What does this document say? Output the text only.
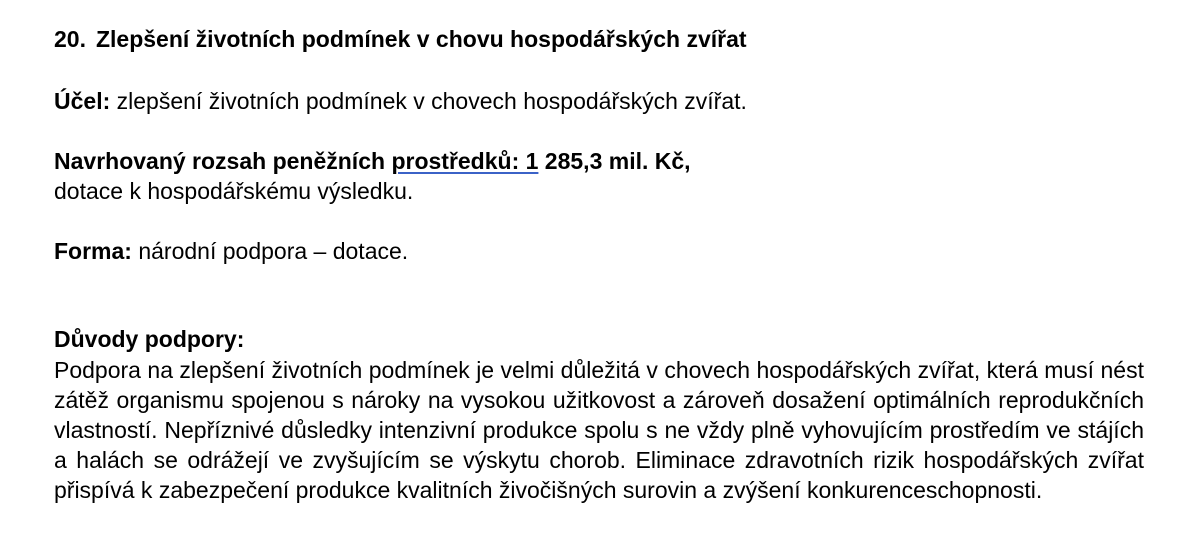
20. Zlepšení životních podmínek v chovu hospodářských zvířat
Účel: zlepšení životních podmínek v chovech hospodářských zvířat.
Navrhovaný rozsah peněžních prostředků: 1 285,3 mil. Kč,
dotace k hospodářskému výsledku.
Forma: národní podpora – dotace.
Důvody podpory:
Podpora na zlepšení životních podmínek je velmi důležitá v chovech hospodářských zvířat, která musí nést zátěž organismu spojenou s nároky na vysokou užitkovost a zároveň dosažení optimálních reprodukčních vlastností. Nepříznivé důsledky intenzivní produkce spolu s ne vždy plně vyhovujícím prostředím ve stájích a halách se odrážejí ve zvyšujícím se výskytu chorob. Eliminace zdravotních rizik hospodářských zvířat přispívá k zabezpečení produkce kvalitních živočišných surovin a zvýšení konkurenceschopnosti.
